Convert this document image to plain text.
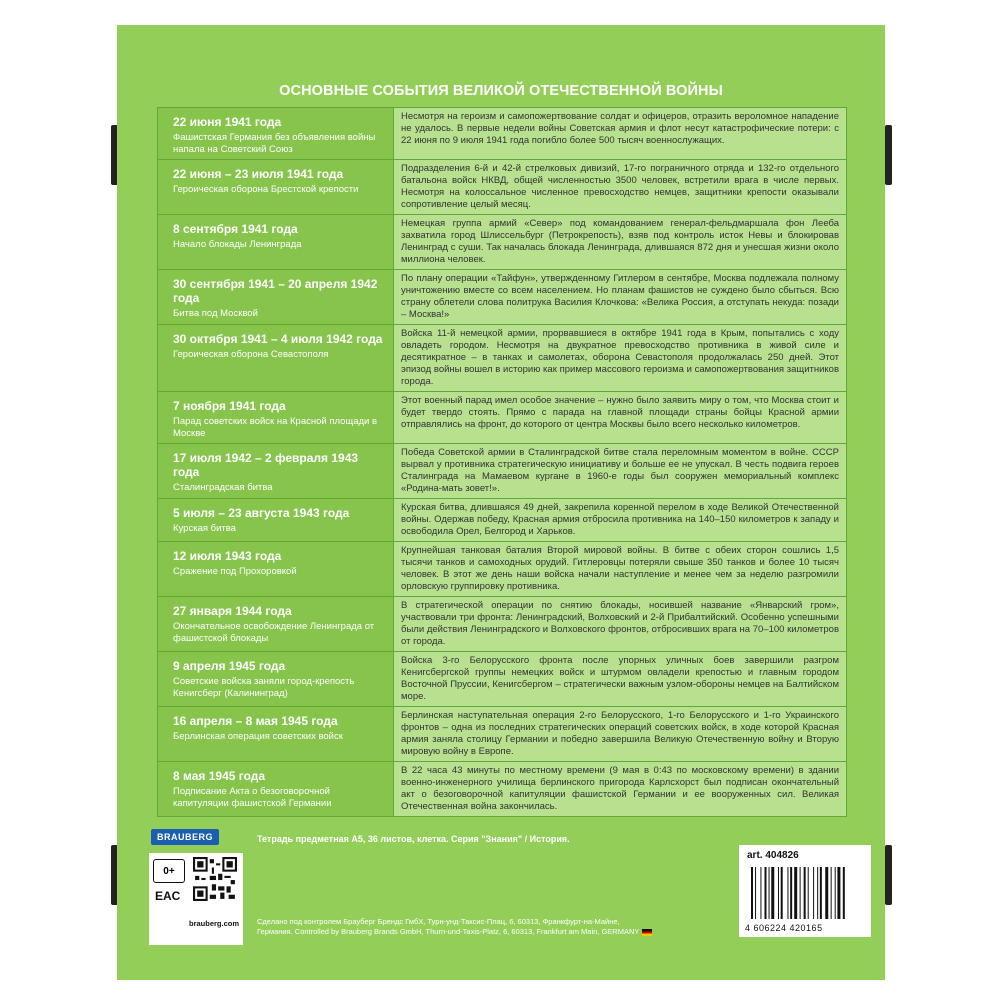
ОСНОВНЫЕ СОБЫТИЯ ВЕЛИКОЙ ОТЕЧЕСТВЕННОЙ ВОЙНЫ
22 июня 1941 года
Фашистская Германия без объявления войны напала на Советский Союз
Несмотря на героизм и самопожертвование солдат и офицеров, отразить вероломное нападение не удалось. В первые недели войны Советская армия и флот несут катастрофические потери: с 22 июня по 9 июля 1941 года погибло более 500 тысяч военнослужащих.
22 июня – 23 июля 1941 года
Героическая оборона Брестской крепости
Подразделения 6-й и 42-й стрелковых дивизий, 17-го пограничного отряда и 132-го отдельного батальона войск НКВД, общей численностью 3500 человек, встретили врага в числе первых. Несмотря на колоссальное численное превосходство немцев, защитники крепости оказывали сопротивление целый месяц.
8 сентября 1941 года
Начало блокады Ленинграда
Немецкая группа армий «Север» под командованием генерал-фельдмаршала фон Лееба захватила город Шлиссельбург (Петрокрепость), взяв под контроль исток Невы и блокировав Ленинград с суши. Так началась блокада Ленинграда, длившаяся 872 дня и унесшая жизни около миллиона человек.
30 сентября 1941 – 20 апреля 1942 года
Битва под Москвой
По плану операции «Тайфун», утвержденному Гитлером в сентябре, Москва подлежала полному уничтожению вместе со всем населением. Но планам фашистов не суждено было сбыться. Всю страну облетели слова политрука Василия Клочкова: «Велика Россия, а отступать некуда: позади – Москва!»
30 октября 1941 – 4 июля 1942 года
Героическая оборона Севастополя
Войска 11-й немецкой армии, прорвавшиеся в октябре 1941 года в Крым, попытались с ходу овладеть городом. Несмотря на двукратное превосходство противника в живой силе и десятикратное – в танках и самолетах, оборона Севастополя продолжалась 250 дней. Этот эпизод войны вошел в историю как пример массового героизма и самопожертвования защитников города.
7 ноября 1941 года
Парад советских войск на Красной площади в Москве
Этот военный парад имел особое значение – нужно было заявить миру о том, что Москва стоит и будет твердо стоять. Прямо с парада на главной площади страны бойцы Красной армии отправлялись на фронт, до которого от центра Москвы было всего несколько километров.
17 июля 1942 – 2 февраля 1943 года
Сталинградская битва
Победа Советской армии в Сталинградской битве стала переломным моментом в войне. СССР вырвал у противника стратегическую инициативу и больше ее не упускал. В честь подвига героев Сталинграда на Мамаевом кургане в 1960-е годы был сооружен мемориальный комплекс «Родина-мать зовет!».
5 июля – 23 августа 1943 года
Курская битва
Курская битва, длившаяся 49 дней, закрепила коренной перелом в ходе Великой Отечественной войны. Одержав победу, Красная армия отбросила противника на 140–150 километров к западу и освободила Орел, Белгород и Харьков.
12 июля 1943 года
Сражение под Прохоровкой
Крупнейшая танковая баталия Второй мировой войны. В битве с обеих сторон сошлись 1,5 тысячи танков и самоходных орудий. Гитлеровцы потеряли свыше 350 танков и более 10 тысяч человек. В этот же день наши войска начали наступление и менее чем за неделю разгромили орловскую группировку противника.
27 января 1944 года
Окончательное освобождение Ленинграда от фашистской блокады
В стратегической операции по снятию блокады, носившей название «Январский гром», участвовали три фронта: Ленинградский, Волховский и 2-й Прибалтийский. Особенно успешными были действия Ленинградского и Волховского фронтов, отбросивших врага на 70–100 километров от города.
9 апреля 1945 года
Советские войска заняли город-крепость Кенигсберг (Калининград)
Войска 3-го Белорусского фронта после упорных уличных боев завершили разгром Кенигсбергской группы немецких войск и штурмом овладели крепостью и главным городом Восточной Пруссии, Кенигсбергом – стратегически важным узлом-обороны немцев на Балтийском море.
16 апреля – 8 мая 1945 года
Берлинская операция советских войск
Берлинская наступательная операция 2-го Белорусского, 1-го Белорусского и 1-го Украинского фронтов – одна из последних стратегических операций советских войск, в ходе которой Красная армия заняла столицу Германии и победно завершила Великую Отечественную войну и Вторую мировую войну в Европе.
8 мая 1945 года
Подписание Акта о безоговорочной капитуляции фашистской Германии
В 22 часа 43 минуты по местному времени (9 мая в 0:43 по московскому времени) в здании военно-инженерного училища берлинского пригорода Карлсхорст был подписан окончательный акт о безоговорочной капитуляции фашистской Германии и ее вооруженных сил. Великая Отечественная война закончилась.
BRAUBERG	Тетрадь предметная А5, 36 листов, клетка. Серия "Знания" / История.
0+
EAC
brauberg.com Сделано под контролем Брауберг Брендс ГмбХ, Турн-унд-Таксис-Плац, 6, 60313, Франкфурт-на-Майне, Германия. Controlled by Brauberg Brands GmbH, Thurn-und-Taxis-Platz, 6, 60313, Frankfurt am Main, GERMANY
art. 404826
4 606224 420165
